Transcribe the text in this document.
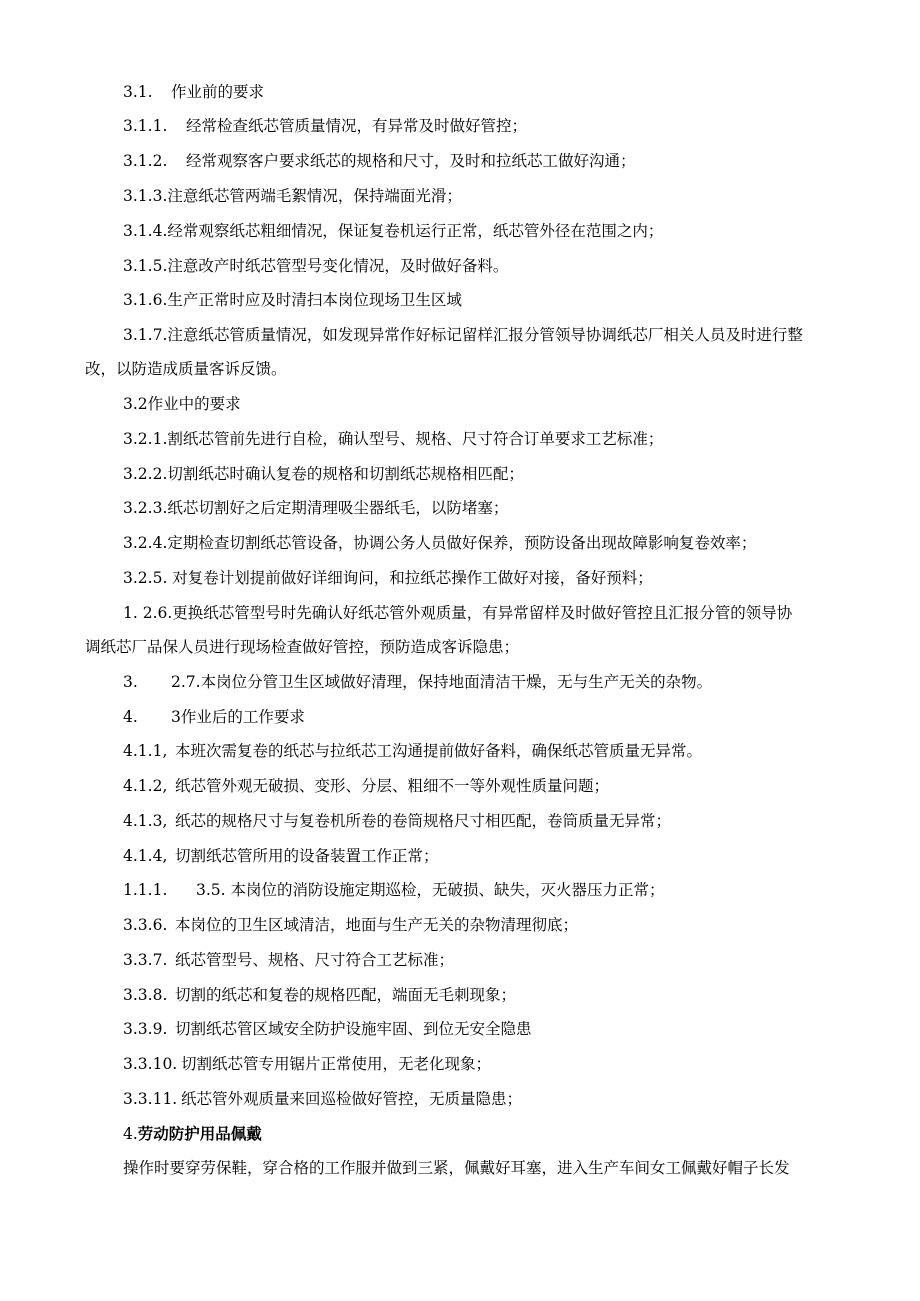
3.1. 作业前的要求
3.1.1. 经常检查纸芯管质量情况，有异常及时做好管控；
3.1.2. 经常观察客户要求纸芯的规格和尺寸，及时和拉纸芯工做好沟通；
3.1.3.注意纸芯管两端毛絮情况，保持端面光滑；
3.1.4.经常观察纸芯粗细情况，保证复卷机运行正常，纸芯管外径在范围之内；
3.1.5.注意改产时纸芯管型号变化情况，及时做好备料。
3.1.6.生产正常时应及时清扫本岗位现场卫生区域
3.1.7.注意纸芯管质量情况，如发现异常作好标记留样汇报分管领导协调纸芯厂相关人员及时进行整
改，以防造成质量客诉反馈。
3.2作业中的要求
3.2.1.割纸芯管前先进行自检，确认型号、规格、尺寸符合订单要求工艺标准；
3.2.2.切割纸芯时确认复卷的规格和切割纸芯规格相匹配；
3.2.3.纸芯切割好之后定期清理吸尘器纸毛，以防堵塞；
3.2.4.定期检查切割纸芯管设备，协调公务人员做好保养，预防设备出现故障影响复卷效率；
3.2.5. 对复卷计划提前做好详细询问，和拉纸芯操作工做好对接，备好预料；
1. 2.6.更换纸芯管型号时先确认好纸芯管外观质量，有异常留样及时做好管控且汇报分管的领导协
调纸芯厂品保人员进行现场检查做好管控，预防造成客诉隐患；
3. 2.7.本岗位分管卫生区域做好清理，保持地面清洁干燥，无与生产无关的杂物。
4. 3作业后的工作要求
4.1.1, 本班次需复卷的纸芯与拉纸芯工沟通提前做好备料，确保纸芯管质量无异常。
4.1.2, 纸芯管外观无破损、变形、分层、粗细不一等外观性质量问题；
4.1.3, 纸芯的规格尺寸与复卷机所卷的卷筒规格尺寸相匹配，卷筒质量无异常；
4.1.4, 切割纸芯管所用的设备装置工作正常；
1.1.1. 3.5. 本岗位的消防设施定期巡检，无破损、缺失，灭火器压力正常；
3.3.6. 本岗位的卫生区域清洁，地面与生产无关的杂物清理彻底；
3.3.7. 纸芯管型号、规格、尺寸符合工艺标准；
3.3.8. 切割的纸芯和复卷的规格匹配，端面无毛刺现象；
3.3.9. 切割纸芯管区域安全防护设施牢固、到位无安全隐患
3.3.10. 切割纸芯管专用锯片正常使用，无老化现象；
3.3.11. 纸芯管外观质量来回巡检做好管控，无质量隐患；
4.劳动防护用品佩戴
操作时要穿劳保鞋，穿合格的工作服并做到三紧，佩戴好耳塞，进入生产车间女工佩戴好帽子长发
